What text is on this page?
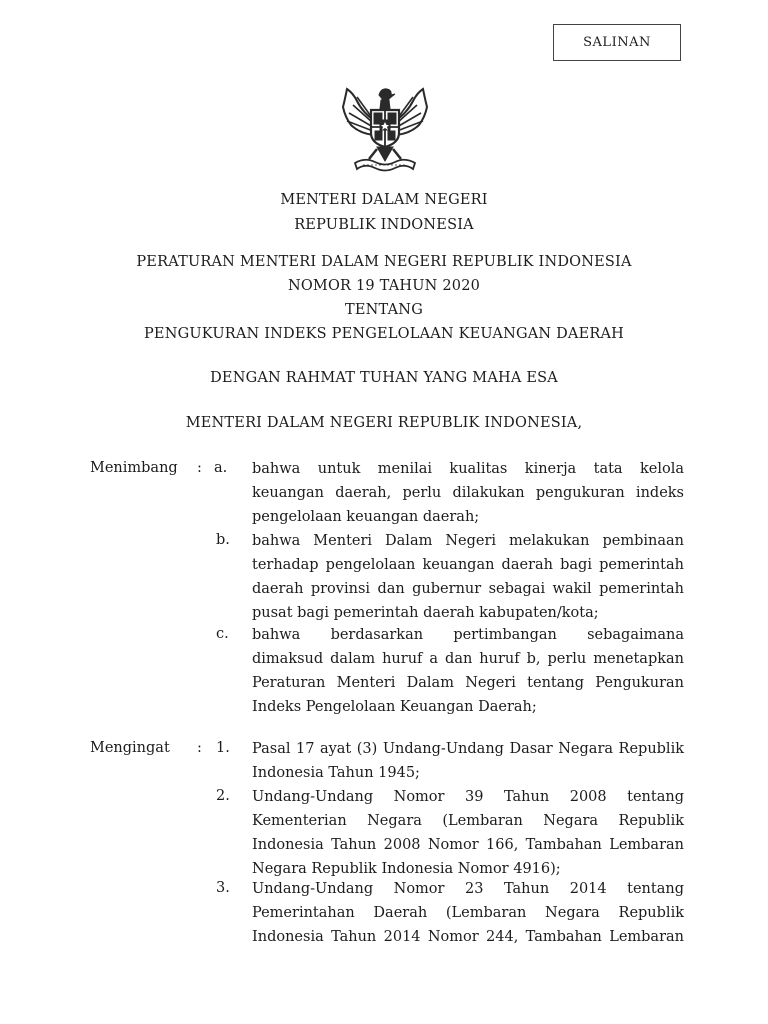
SALINAN
MENTERI DALAM NEGERI
REPUBLIK INDONESIA
PERATURAN MENTERI DALAM NEGERI REPUBLIK INDONESIA
NOMOR 19 TAHUN 2020
TENTANG
PENGUKURAN INDEKS PENGELOLAAN KEUANGAN DAERAH
DENGAN RAHMAT TUHAN YANG MAHA ESA
MENTERI DALAM NEGERI REPUBLIK INDONESIA,
Menimbang : a. bahwa untuk menilai kualitas kinerja tata kelola
keuangan daerah, perlu dilakukan pengukuran indeks
pengelolaan keuangan daerah;
b. bahwa Menteri Dalam Negeri melakukan pembinaan
terhadap pengelolaan keuangan daerah bagi pemerintah
daerah provinsi dan gubernur sebagai wakil pemerintah
pusat bagi pemerintah daerah kabupaten/kota;
c. bahwa berdasarkan pertimbangan sebagaimana
dimaksud dalam huruf a dan huruf b, perlu menetapkan
Peraturan Menteri Dalam Negeri tentang Pengukuran
Indeks Pengelolaan Keuangan Daerah;
Mengingat : 1. Pasal 17 ayat (3) Undang-Undang Dasar Negara Republik
Indonesia Tahun 1945;
2. Undang-Undang Nomor 39 Tahun 2008 tentang
Kementerian Negara (Lembaran Negara Republik
Indonesia Tahun 2008 Nomor 166, Tambahan Lembaran
Negara Republik Indonesia Nomor 4916);
3. Undang-Undang Nomor 23 Tahun 2014 tentang
Pemerintahan Daerah (Lembaran Negara Republik
Indonesia Tahun 2014 Nomor 244, Tambahan Lembaran
